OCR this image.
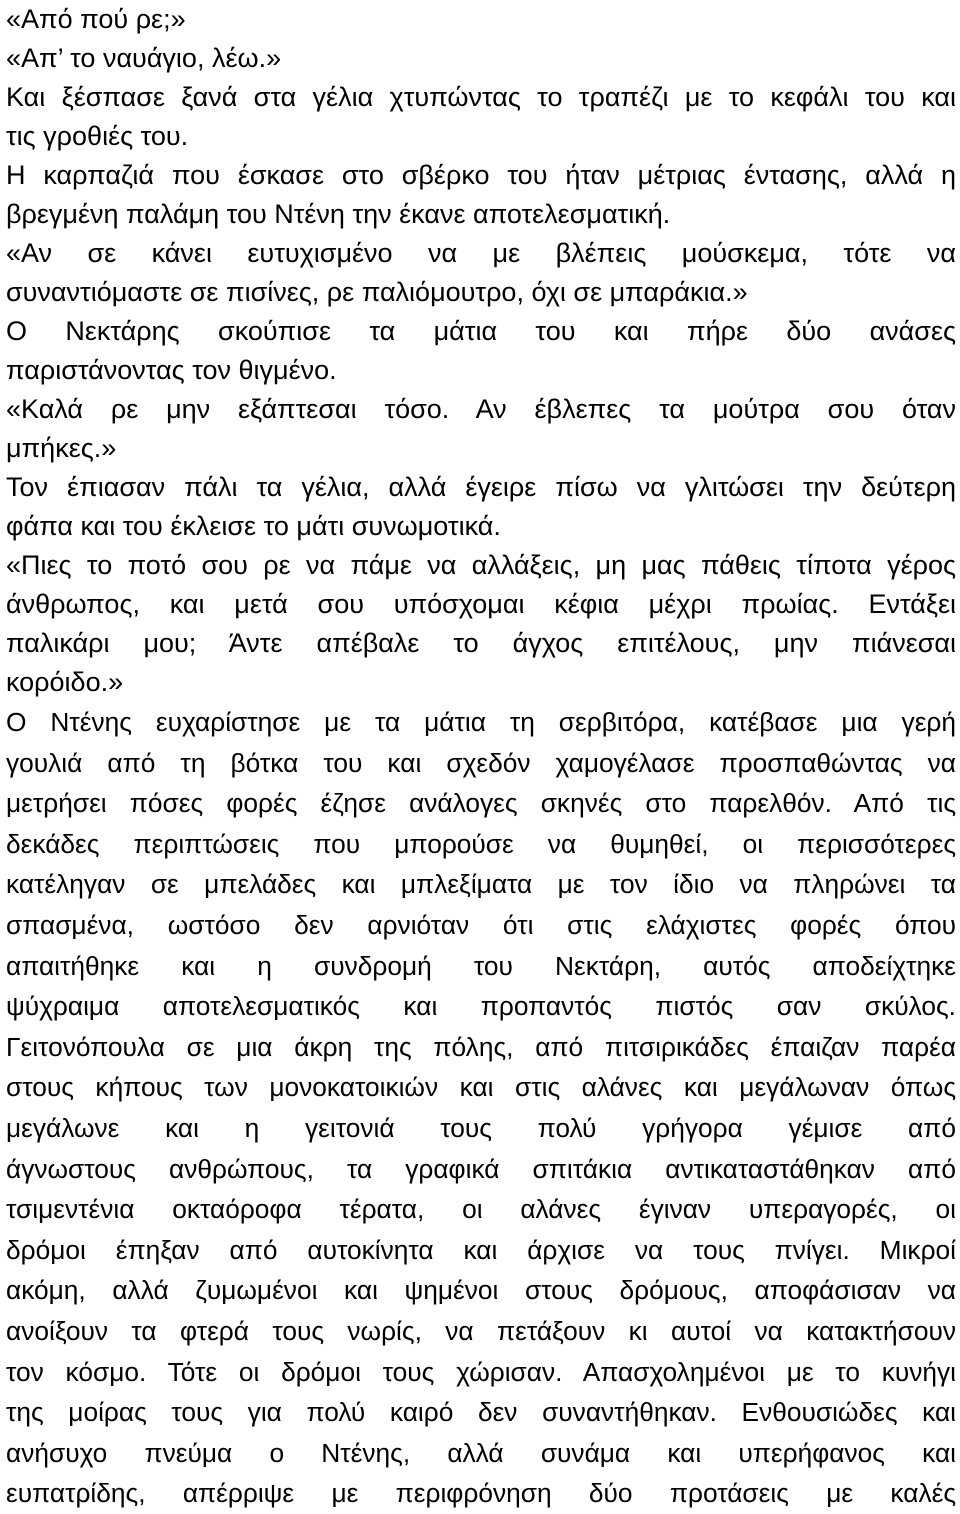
«Από πού ρε;»
«Απ’ το ναυάγιο, λέω.»
Και ξέσπασε ξανά στα γέλια χτυπώντας το τραπέζι με το κεφάλι του και
τις γροθιές του.
Η καρπαζιά που έσκασε στο σβέρκο του ήταν μέτριας έντασης, αλλά η
βρεγμένη παλάμη του Ντένη την έκανε αποτελεσματική.
«Αν σε κάνει ευτυχισμένο να με βλέπεις μούσκεμα, τότε να
συναντιόμαστε σε πισίνες, ρε παλιόμουτρο, όχι σε μπαράκια.»
Ο Νεκτάρης σκούπισε τα μάτια του και πήρε δύο ανάσες
παριστάνοντας τον θιγμένο.
«Καλά ρε μην εξάπτεσαι τόσο. Αν έβλεπες τα μούτρα σου όταν
μπήκες.»
Τον έπιασαν πάλι τα γέλια, αλλά έγειρε πίσω να γλιτώσει την δεύτερη
φάπα και του έκλεισε το μάτι συνωμοτικά.
«Πιες το ποτό σου ρε να πάμε να αλλάξεις, μη μας πάθεις τίποτα γέρος
άνθρωπος, και μετά σου υπόσχομαι κέφια μέχρι πρωίας. Εντάξει
παλικάρι μου; Άντε απέβαλε το άγχος επιτέλους, μην πιάνεσαι
κορόιδο.»
Ο Ντένης ευχαρίστησε με τα μάτια τη σερβιτόρα, κατέβασε μια γερή
γουλιά από τη βότκα του και σχεδόν χαμογέλασε προσπαθώντας να
μετρήσει πόσες φορές έζησε ανάλογες σκηνές στο παρελθόν. Από τις
δεκάδες περιπτώσεις που μπορούσε να θυμηθεί, οι περισσότερες
κατέληγαν σε μπελάδες και μπλεξίματα με τον ίδιο να πληρώνει τα
σπασμένα, ωστόσο δεν αρνιόταν ότι στις ελάχιστες φορές όπου
απαιτήθηκε και η συνδρομή του Νεκτάρη, αυτός αποδείχτηκε
ψύχραιμα αποτελεσματικός και προπαντός πιστός σαν σκύλος.
Γειτονόπουλα σε μια άκρη της πόλης, από πιτσιρικάδες έπαιζαν παρέα
στους κήπους των μονοκατοικιών και στις αλάνες και μεγάλωναν όπως
μεγάλωνε και η γειτονιά τους πολύ γρήγορα γέμισε από
άγνωστους ανθρώπους, τα γραφικά σπιτάκια αντικαταστάθηκαν από
τσιμεντένια οκταόροφα τέρατα, οι αλάνες έγιναν υπεραγορές, οι
δρόμοι έπηξαν από αυτοκίνητα και άρχισε να τους πνίγει. Μικροί
ακόμη, αλλά ζυμωμένοι και ψημένοι στους δρόμους, αποφάσισαν να
ανοίξουν τα φτερά τους νωρίς, να πετάξουν κι αυτοί να κατακτήσουν
τον κόσμο. Τότε οι δρόμοι τους χώρισαν. Απασχολημένοι με το κυνήγι
της μοίρας τους για πολύ καιρό δεν συναντήθηκαν. Ενθουσιώδες και
ανήσυχο πνεύμα ο Ντένης, αλλά συνάμα και υπερήφανος και
ευπατρίδης, απέρριψε με περιφρόνηση δύο προτάσεις με καλές
